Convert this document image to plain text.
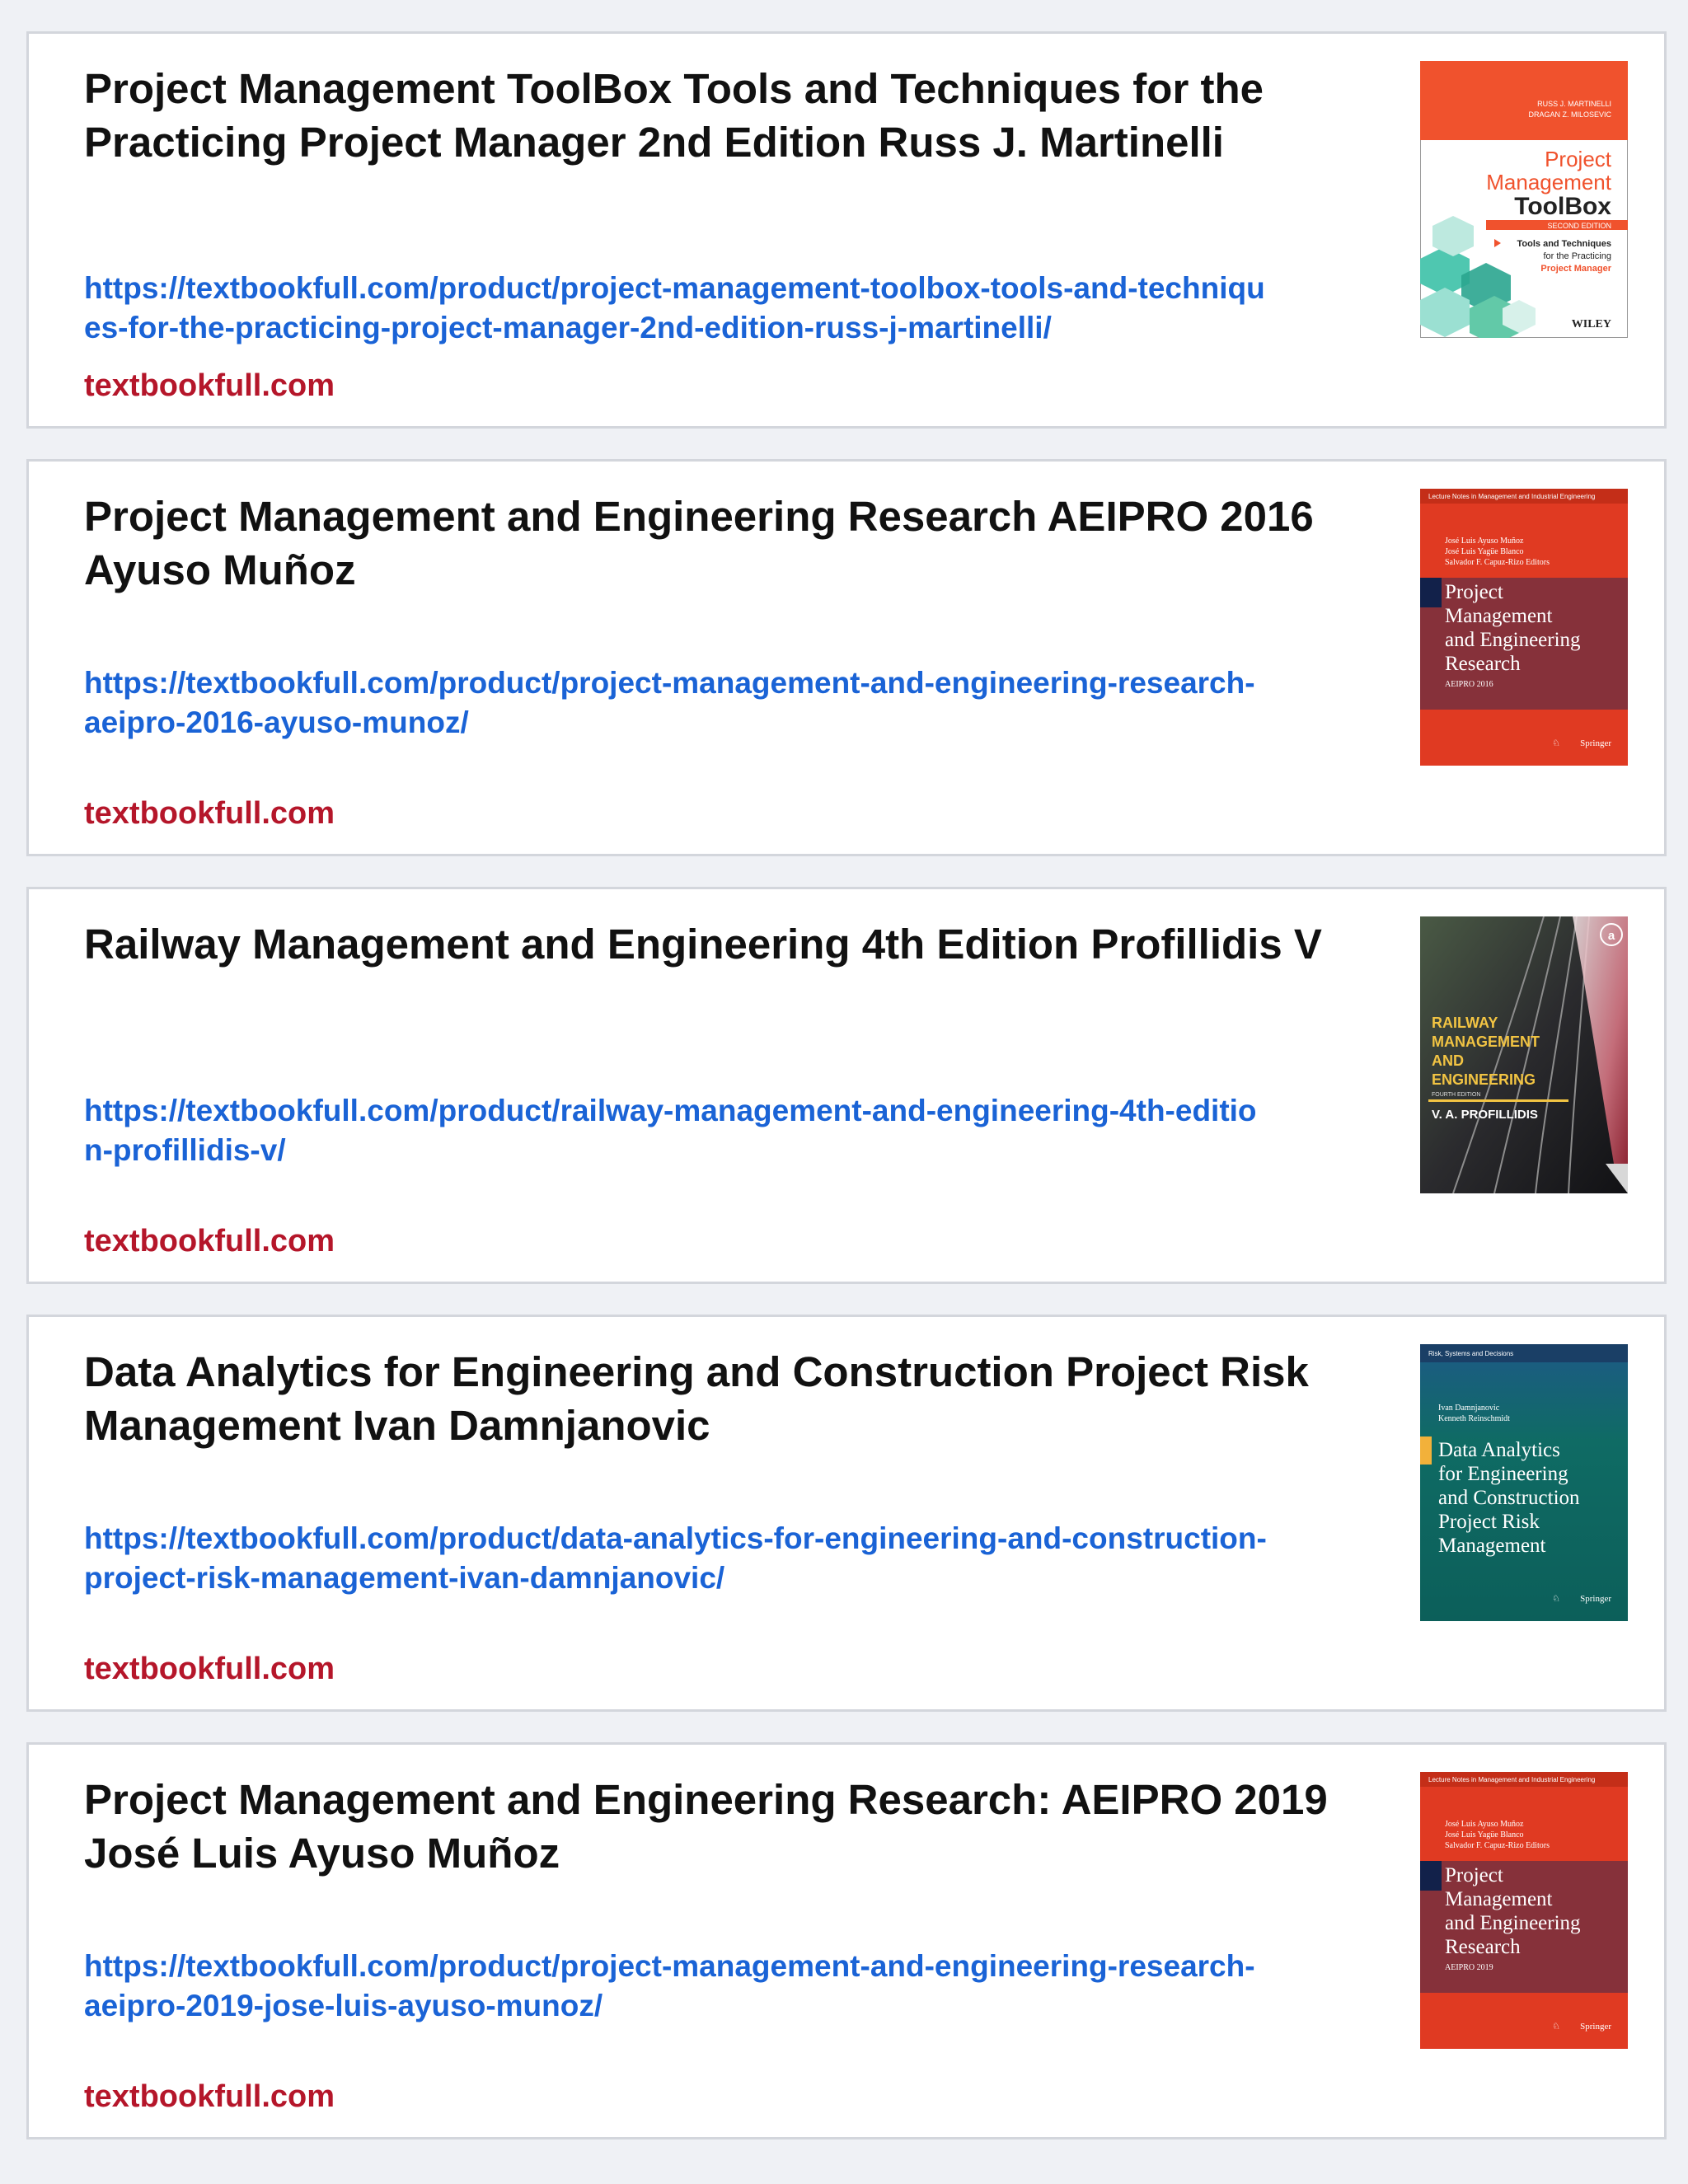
Project Management ToolBox Tools and Techniques for the Practicing Project Manager 2nd Edition Russ J. Martinelli
https://textbookfull.com/product/project-management-toolbox-tools-and-techniques-for-the-practicing-project-manager-2nd-edition-russ-j-martinelli/
textbookfull.com
RUSS J. MARTINELLI
DRAGAN Z. MILOSEVIC
Project
Management
ToolBox
SECOND EDITION
Tools and Techniques
for the Practicing
Project Manager
WILEY
Project Management and Engineering Research AEIPRO 2016 Ayuso Muñoz
https://textbookfull.com/product/project-management-and-engineering-research-aeipro-2016-ayuso-munoz/
textbookfull.com
Lecture Notes in Management and Industrial Engineering
José Luis Ayuso Muñoz
José Luis Yagüe Blanco
Salvador F. Capuz-Rizo Editors
Project
Management
and Engineering
Research
AEIPRO 2016
Springer
♘
Railway Management and Engineering 4th Edition Profillidis V
https://textbookfull.com/product/railway-management-and-engineering-4th-edition-profillidis-v/
textbookfull.com
a
RAILWAY
MANAGEMENT
AND
ENGINEERING
FOURTH EDITION
V. A. PROFILLIDIS
Data Analytics for Engineering and Construction Project Risk Management Ivan Damnjanovic
https://textbookfull.com/product/data-analytics-for-engineering-and-construction-project-risk-management-ivan-damnjanovic/
textbookfull.com
Risk, Systems and Decisions
Ivan Damnjanovic
Kenneth Reinschmidt
Data Analytics
for Engineering
and Construction
Project Risk
Management
Springer
♘
Project Management and Engineering Research: AEIPRO 2019 José Luis Ayuso Muñoz
https://textbookfull.com/product/project-management-and-engineering-research-aeipro-2019-jose-luis-ayuso-munoz/
textbookfull.com
Lecture Notes in Management and Industrial Engineering
José Luis Ayuso Muñoz
José Luis Yagüe Blanco
Salvador F. Capuz-Rizo Editors
Project
Management
and Engineering
Research
AEIPRO 2019
Springer
♘
